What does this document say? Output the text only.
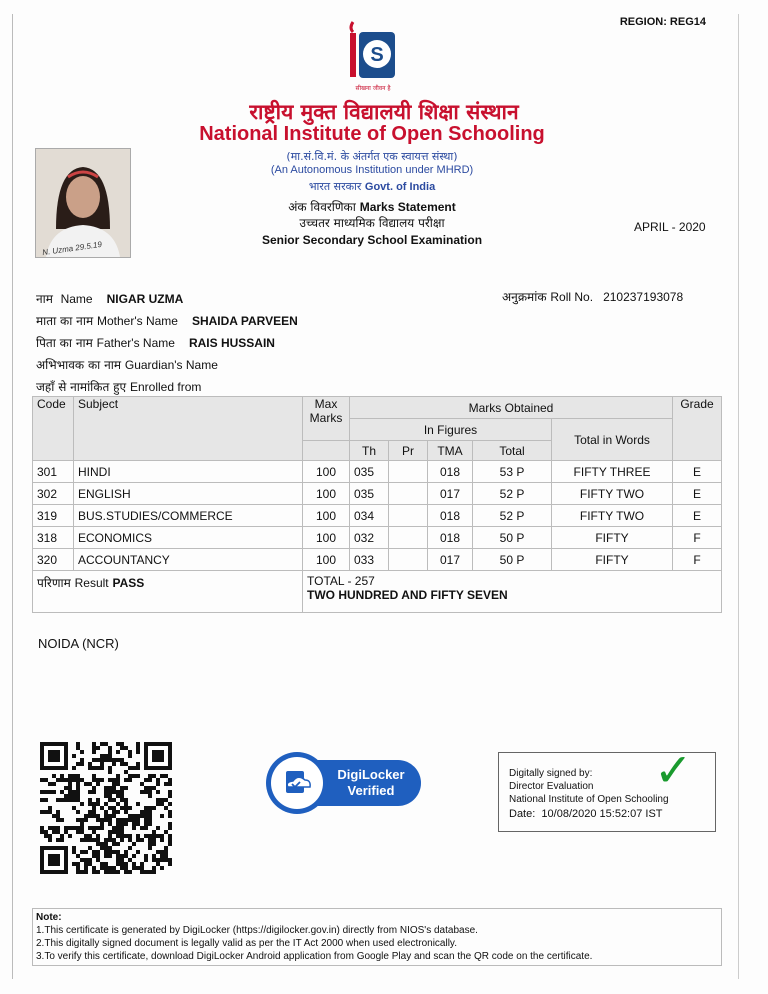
REGION: REG14
S
सीखना जीवन है
राष्ट्रीय मुक्त विद्यालयी शिक्षा संस्थान
National Institute of Open Schooling
(मा.सं.वि.मं. के अंतर्गत एक स्वायत्त संस्था)
(An Autonomous Institution under MHRD)
भारत सरकार Govt. of India
अंक विवरणिका Marks Statement
उच्चतर माध्यमिक विद्यालय परीक्षा
Senior Secondary School Examination
APRIL - 2020
N. Uzma 29.5.19
नाम Name NIGAR UZMA	अनुक्रमांक Roll No. 210237193078
माता का नाम Mother's Name SHAIDA PARVEEN
पिता का नाम Father's Name RAIS HUSSAIN
अभिभावक का नाम Guardian's Name
जहाँ से नामांकित हुए Enrolled from
Code	Subject	Max Marks	Marks Obtained					Grade
			In Figures				Total in Words	
			Th	Pr	TMA	Total		
301	HINDI	100	035		018	53 P	FIFTY THREE	E
302	ENGLISH	100	035		017	52 P	FIFTY TWO	E
319	BUS.STUDIES/COMMERCE	100	034		018	52 P	FIFTY TWO	E
318	ECONOMICS	100	032		018	50 P	FIFTY	F
320	ACCOUNTANCY	100	033		017	50 P	FIFTY	F
परिणाम Result PASS		TOTAL - 257
TWO HUNDRED AND FIFTY SEVEN						
NOIDA (NCR)
DigiLocker
Verified	✓
Digitally signed by:
Director Evaluation
National Institute of Open Schooling
Date: 10/08/2020 15:52:07 IST
Note:
1.This certificate is generated by DigiLocker (https://digilocker.gov.in) directly from NIOS's database.
2.This digitally signed document is legally valid as per the IT Act 2000 when used electronically.
3.To verify this certificate, download DigiLocker Android application from Google Play and scan the QR code on the certificate.
